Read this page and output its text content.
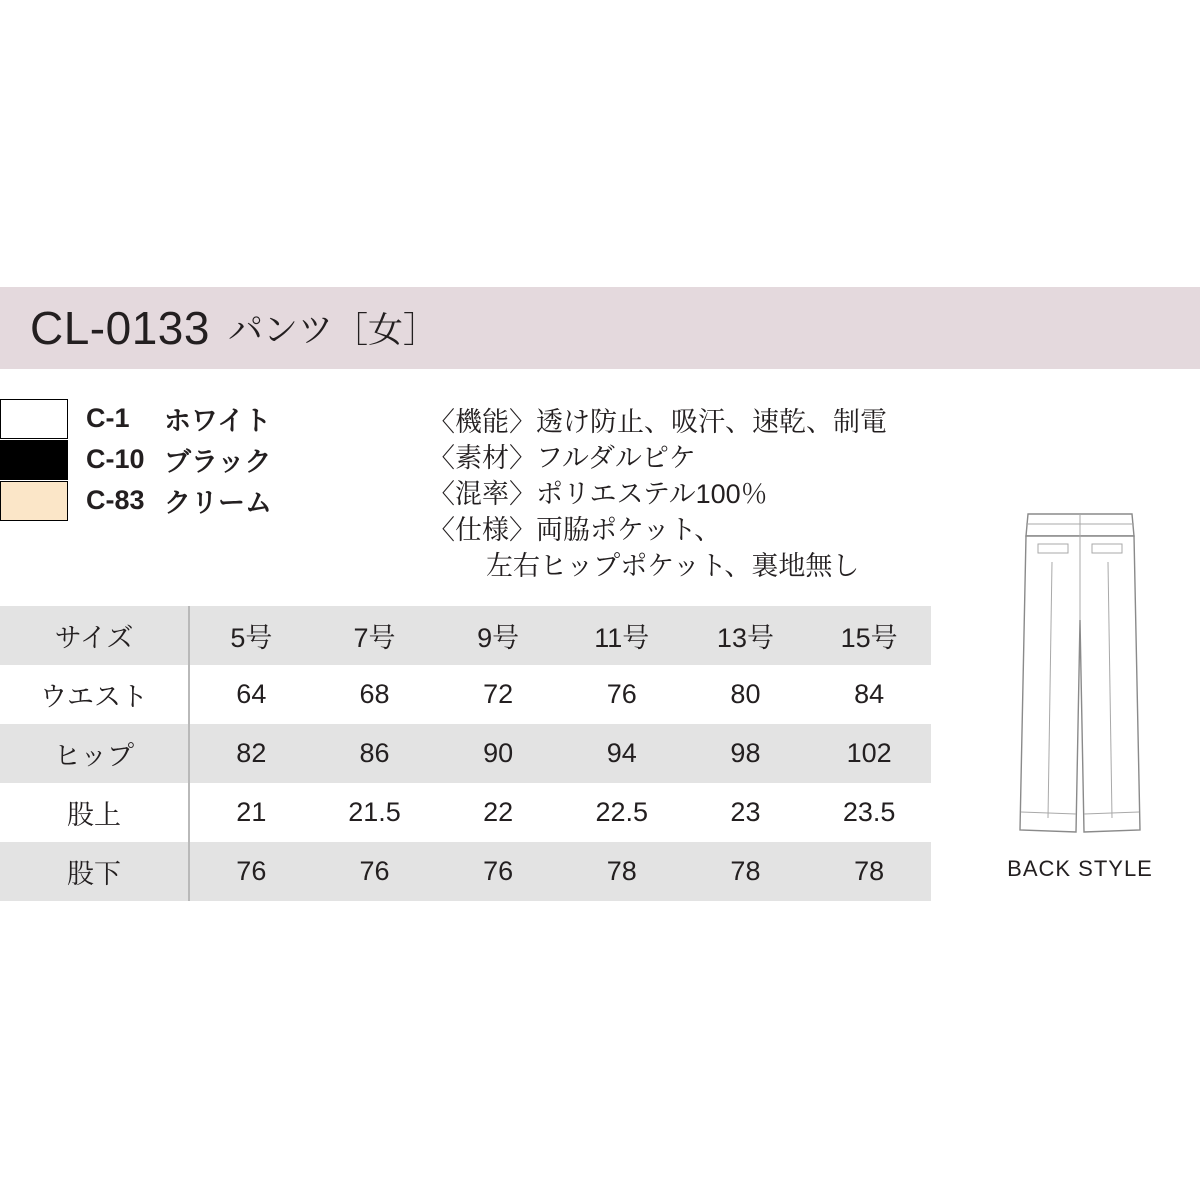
CL-0133 パンツ［女］
C-1	ホワイト
C-10 ブラック
C-83 クリーム
〈機能〉透け防止、吸汗、速乾、制電
〈素材〉フルダルピケ
〈混率〉ポリエステル100％
〈仕様〉両脇ポケット、
左右ヒップポケット、裏地無し
サイズ	5号	7号	9号	11号	13号	15号
ウエスト	64	68	72	76	80	84
ヒップ	82	86	90	94	98	102
股上	21	21.5	22	22.5	23	23.5
股下	76	76	76	78	78	78	BACK STYLE
